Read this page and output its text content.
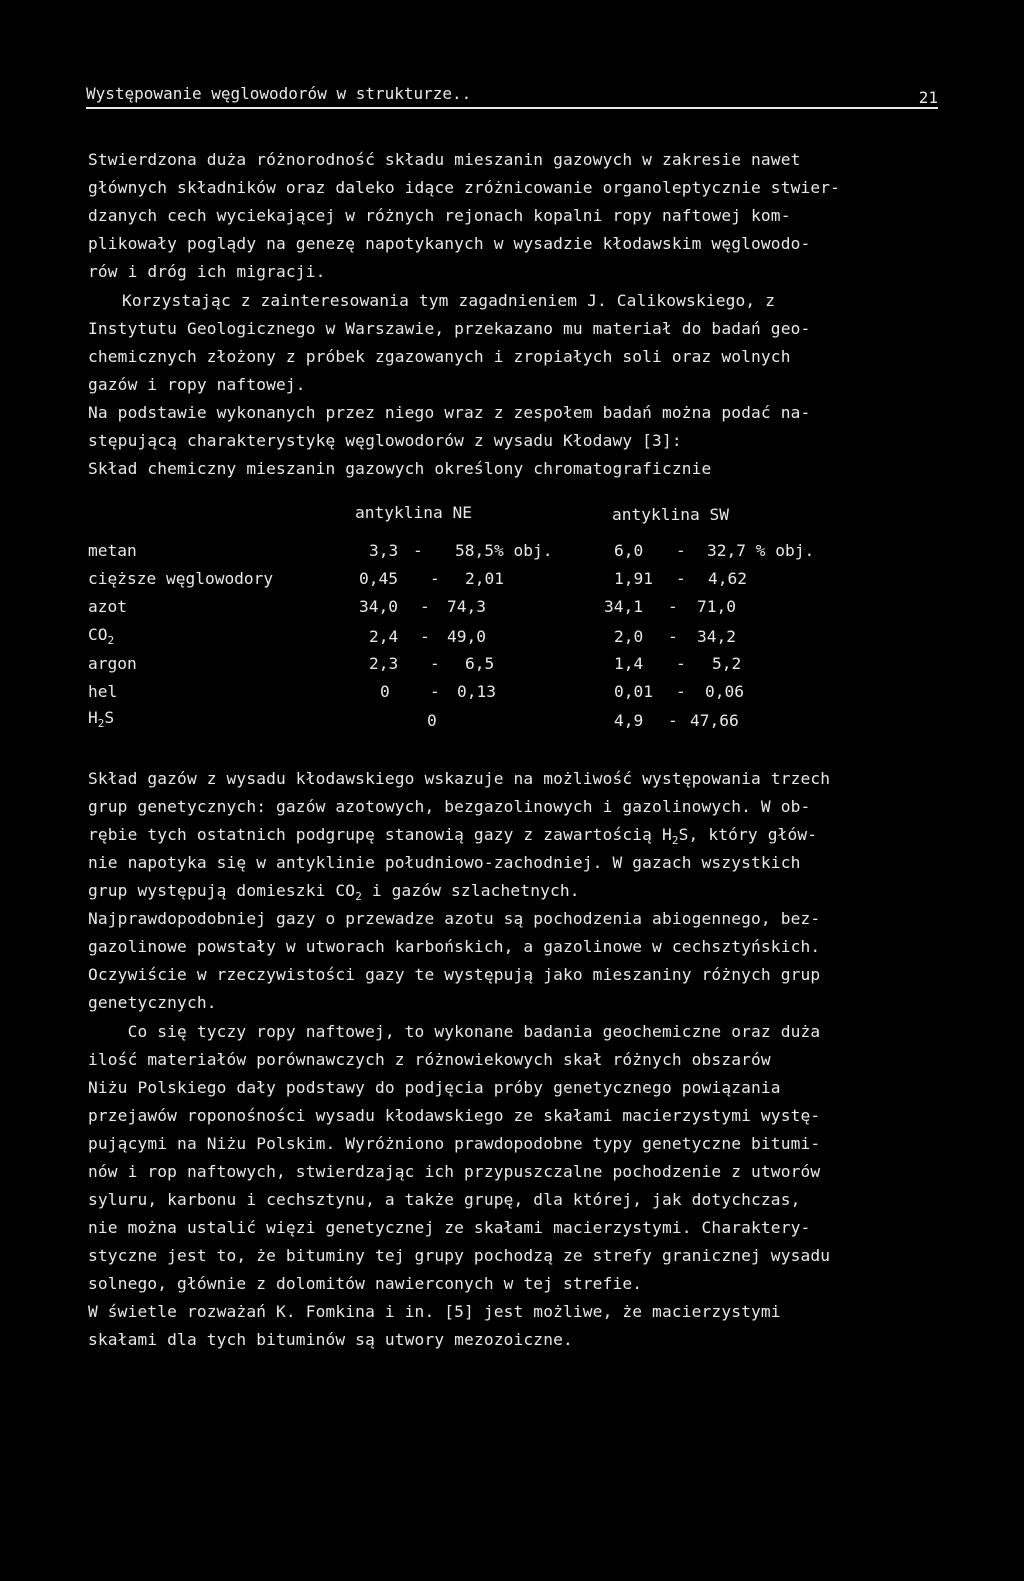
Występowanie węglowodorów w strukturze..	21
Stwierdzona duża różnorodność składu mieszanin gazowych w zakresie nawet
głównych składników oraz daleko idące zróżnicowanie organoleptycznie stwier-
dzanych cech wyciekającej w różnych rejonach kopalni ropy naftowej kom-
plikowały poglądy na genezę napotykanych w wysadzie kłodawskim węglowodo-
rów i dróg ich migracji.
Korzystając z zainteresowania tym zagadnieniem J. Calikowskiego, z
Instytutu Geologicznego w Warszawie, przekazano mu materiał do badań geo-
chemicznych złożony z próbek zgazowanych i zropiałych soli oraz wolnych
gazów i ropy naftowej.
Na podstawie wykonanych przez niego wraz z zespołem badań można podać na-
stępującą charakterystykę węglowodorów z wysadu Kłodawy [3]:
Skład chemiczny mieszanin gazowych określony chromatograficznie
antyklina NE	antyklina SW
metan	3,3 - 58,5% obj.	6,0 - 32,7 % obj.
cięższe węglowodory	0,45 - 2,01	1,91 - 4,62
azot	34,0 - 74,3	34,1 - 71,0
$CO_2$	2,4 - 49,0	2,0 - 34,2
argon	2,3 - 6,5	1,4 - 5,2
hel	0 - 0,13	0,01 - 0,06
$H_2S$	0	4,9 - 47,66
Skład gazów z wysadu kłodawskiego wskazuje na możliwość występowania trzech
grup genetycznych: gazów azotowych, bezgazolinowych i gazolinowych. W ob-
rębie tych ostatnich podgrupę stanowią gazy z zawartością $H_2S$, który głów-
nie napotyka się w antyklinie południowo-zachodniej. W gazach wszystkich
grup występują domieszki $CO_2$ i gazów szlachetnych.
Najprawdopodobniej gazy o przewadze azotu są pochodzenia abiogennego, bez-
gazolinowe powstały w utworach karbońskich, a gazolinowe w cechsztyńskich.
Oczywiście w rzeczywistości gazy te występują jako mieszaniny różnych grup
genetycznych.
Co się tyczy ropy naftowej, to wykonane badania geochemiczne oraz duża
ilość materiałów porównawczych z różnowiekowych skał różnych obszarów
Niżu Polskiego dały podstawy do podjęcia próby genetycznego powiązania
przejawów roponośności wysadu kłodawskiego ze skałami macierzystymi wystę-
pującymi na Niżu Polskim. Wyróżniono prawdopodobne typy genetyczne bitumi-
nów i rop naftowych, stwierdzając ich przypuszczalne pochodzenie z utworów
syluru, karbonu i cechsztynu, a także grupę, dla której, jak dotychczas,
nie można ustalić więzi genetycznej ze skałami macierzystymi. Charaktery-
styczne jest to, że bituminy tej grupy pochodzą ze strefy granicznej wysadu
solnego, głównie z dolomitów nawierconych w tej strefie.
W świetle rozważań K. Fomkina i in. [5] jest możliwe, że macierzystymi
skałami dla tych bituminów są utwory mezozoiczne.
